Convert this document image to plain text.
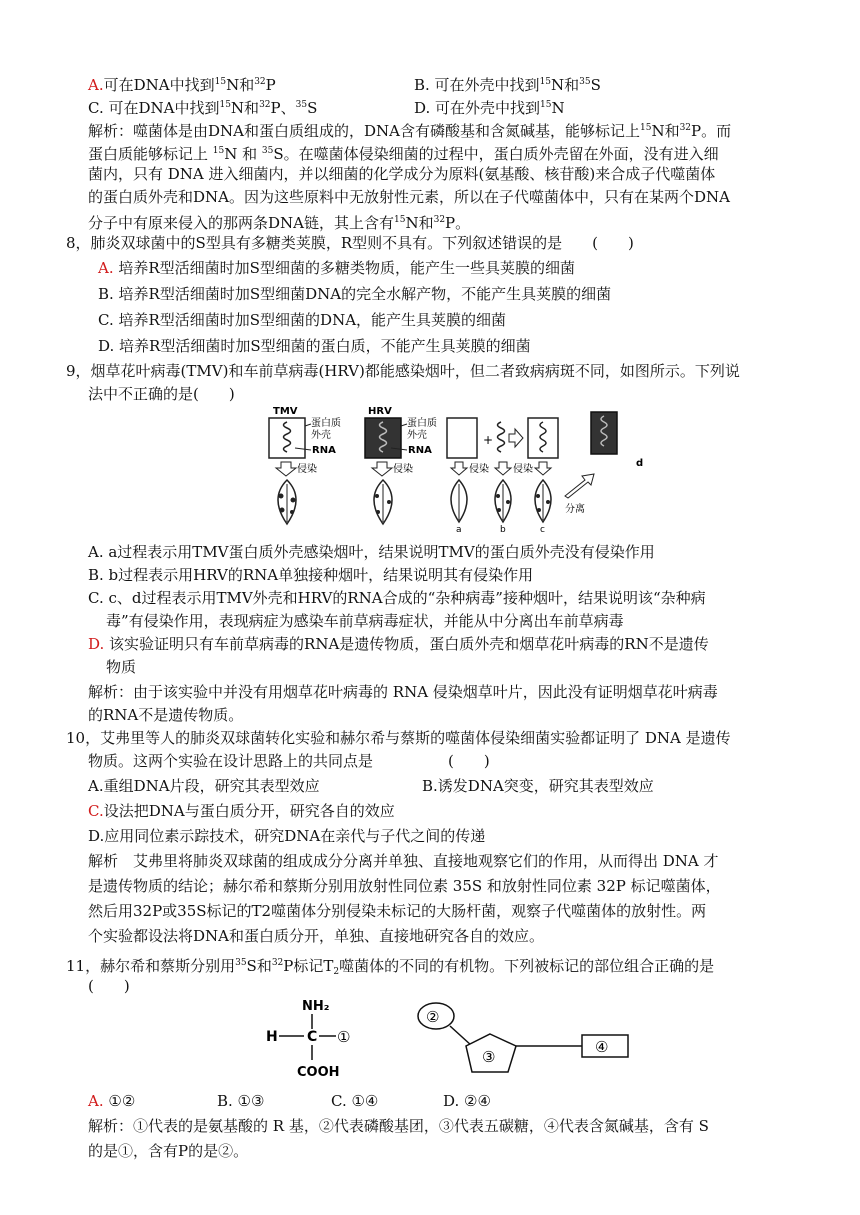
A.可在DNA中找到$^{15}$N和$^{32}$P	B. 可在外壳中找到$^{15}$N和$^{35}$S
C. 可在DNA中找到$^{15}$N和$^{32}$P、$^{35}$S	D. 可在外壳中找到$^{15}$N
解析：噬菌体是由DNA和蛋白质组成的，DNA含有磷酸基和含氮碱基，能够标记上$^{15}$N和$^{32}$P。而
蛋白质能够标记上 $^{15}$N 和 $^{35}$S。在噬菌体侵染细菌的过程中，蛋白质外壳留在外面，没有进入细
菌内，只有 DNA 进入细菌内，并以细菌的化学成分为原料(氨基酸、核苷酸)来合成子代噬菌体
的蛋白质外壳和DNA。因为这些原料中无放射性元素，所以在子代噬菌体中，只有在某两个DNA
分子中有原来侵入的那两条DNA链，其上含有$^{15}$N和$^{32}$P。
8，肺炎双球菌中的S型具有多糖类荚膜，R型则不具有。下列叙述错误的是　　(　　)
A. 培养R型活细菌时加S型细菌的多糖类物质，能产生一些具荚膜的细菌
B. 培养R型活细菌时加S型细菌DNA的完全水解产物，不能产生具荚膜的细菌
C. 培养R型活细菌时加S型细菌的DNA，能产生具荚膜的细菌
D. 培养R型活细菌时加S型细菌的蛋白质，不能产生具荚膜的细菌
9，烟草花叶病毒(TMV)和车前草病毒(HRV)都能感染烟叶，但二者致病病斑不同，如图所示。下列说
法中不正确的是(　　)
TMV
蛋白质
外壳
RNA
HRV
蛋白质
外壳
RNA
侵染	侵染
+
d
分离
侵染 侵染
a	b	c
A. a过程表示用TMV蛋白质外壳感染烟叶，结果说明TMV的蛋白质外壳没有侵染作用
B. b过程表示用HRV的RNA单独接种烟叶，结果说明其有侵染作用
C. c、d过程表示用TMV外壳和HRV的RNA合成的“杂种病毒”接种烟叶，结果说明该“杂种病
毒”有侵染作用，表现病症为感染车前草病毒症状，并能从中分离出车前草病毒
D. 该实验证明只有车前草病毒的RNA是遗传物质，蛋白质外壳和烟草花叶病毒的RN不是遗传
物质
解析：由于该实验中并没有用烟草花叶病毒的 RNA 侵染烟草叶片，因此没有证明烟草花叶病毒
的RNA不是遗传物质。
10，艾弗里等人的肺炎双球菌转化实验和赫尔希与蔡斯的噬菌体侵染细菌实验都证明了 DNA 是遗传
物质。这两个实验在设计思路上的共同点是　　　　　(　　)
A.重组DNA片段，研究其表型效应	B.诱发DNA突变，研究其表型效应
C.设法把DNA与蛋白质分开，研究各自的效应
D.应用同位素示踪技术，研究DNA在亲代与子代之间的传递
解析　艾弗里将肺炎双球菌的组成成分分离并单独、直接地观察它们的作用，从而得出 DNA 才
是遗传物质的结论；赫尔希和蔡斯分别用放射性同位素 35S 和放射性同位素 32P 标记噬菌体，
然后用32P或35S标记的T2噬菌体分别侵染未标记的大肠杆菌，观察子代噬菌体的放射性。两
个实验都设法将DNA和蛋白质分开，单独、直接地研究各自的效应。
11，赫尔希和蔡斯分别用$^{35}$S和$^{32}$P标记$T_2$噬菌体的不同的有机物。下列被标记的部位组合正确的是
(　　)
NH₂
H C ①
COOH
②
③
④
A. ①②	B. ①③	C. ①④	D. ②④
解析：①代表的是氨基酸的 R 基，②代表磷酸基团，③代表五碳糖，④代表含氮碱基，含有 S
的是①，含有P的是②。
